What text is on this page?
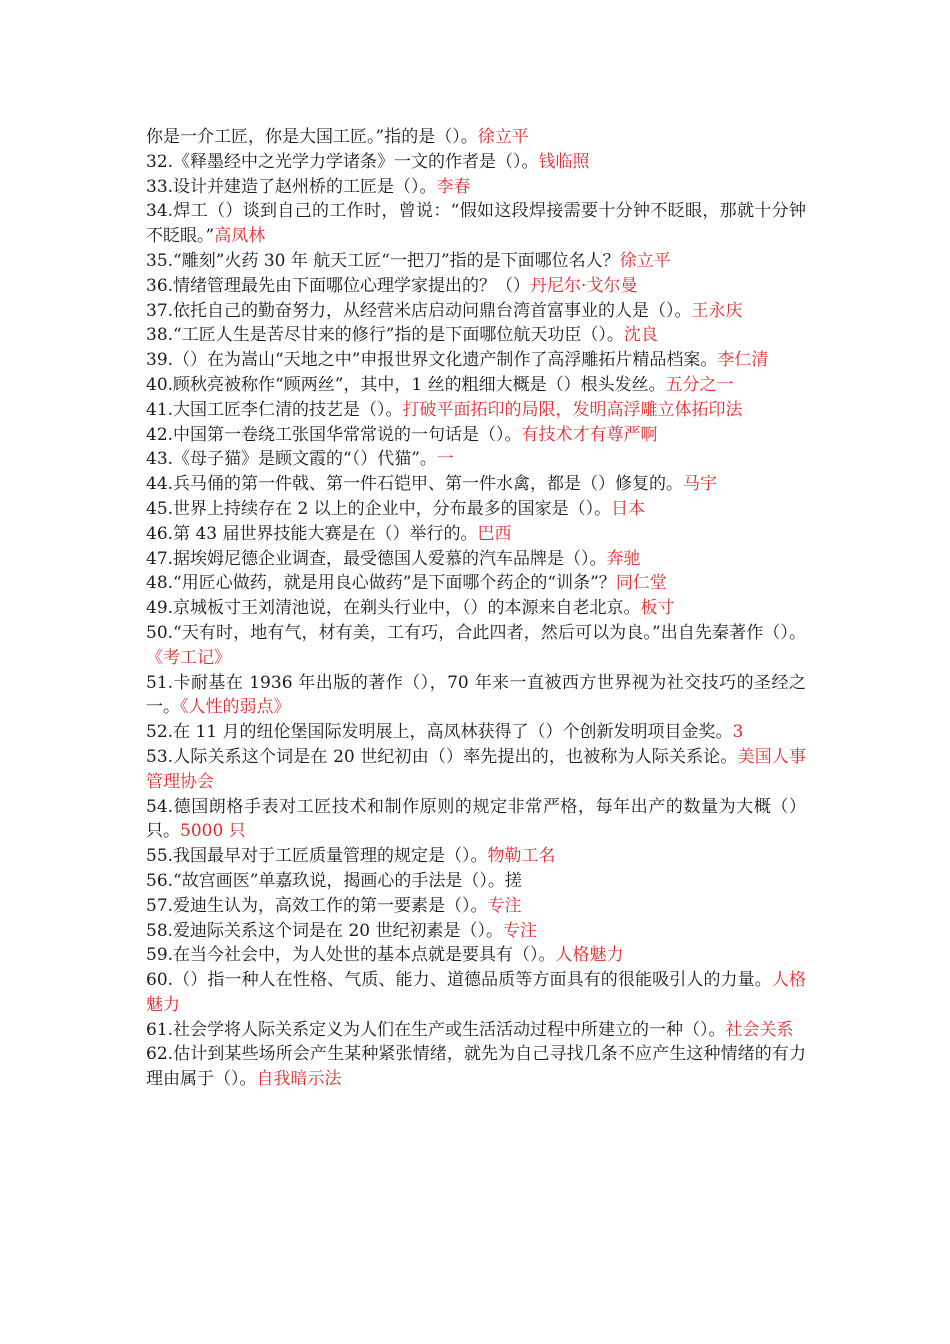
你是一介工匠，你是大国工匠。”指的是（）。徐立平

32.《释墨经中之光学力学诸条》一文的作者是（）。钱临照

33.设计并建造了赵州桥的工匠是（）。李春

34.焊工（）谈到自己的工作时，曾说：“假如这段焊接需要十分钟不眨眼，那就十分钟不眨眼。”高凤林

35.“雕刻”火药 30 年 航天工匠“一把刀”指的是下面哪位名人？徐立平

36.情绪管理最先由下面哪位心理学家提出的？（）丹尼尔·戈尔曼

37.依托自己的勤奋努力，从经营米店启动问鼎台湾首富事业的人是（）。王永庆

38.“工匠人生是苦尽甘来的修行”指的是下面哪位航天功臣（）。沈良

39.（）在为嵩山“天地之中”申报世界文化遗产制作了高浮雕拓片精品档案。李仁清

40.顾秋亮被称作“顾两丝”，其中，1 丝的粗细大概是（）根头发丝。五分之一

41.大国工匠李仁清的技艺是（）。打破平面拓印的局限，发明高浮雕立体拓印法

42.中国第一卷绕工张国华常常说的一句话是（）。有技术才有尊严啊

43.《母子猫》是顾文霞的“（）代猫”。一

44.兵马俑的第一件戟、第一件石铠甲、第一件水禽，都是（）修复的。马宇

45.世界上持续存在 2 以上的企业中，分布最多的国家是（）。日本

46.第 43 届世界技能大赛是在（）举行的。巴西

47.据埃姆尼德企业调查，最受德国人爱慕的汽车品牌是（）。奔驰

48.“用匠心做药，就是用良心做药”是下面哪个药企的“训条”？同仁堂

49.京城板寸王刘清池说，在剃头行业中，（）的本源来自老北京。板寸

50.“天有时，地有气，材有美，工有巧，合此四者，然后可以为良。”出自先秦著作（）。《考工记》

51.卡耐基在 1936 年出版的著作（），70 年来一直被西方世界视为社交技巧的圣经之一。《人性的弱点》

52.在 11 月的纽伦堡国际发明展上，高凤林获得了（）个创新发明项目金奖。3

53.人际关系这个词是在 20 世纪初由（）率先提出的，也被称为人际关系论。美国人事管理协会

54.德国朗格手表对工匠技术和制作原则的规定非常严格，每年出产的数量为大概（）只。5000 只

55.我国最早对于工匠质量管理的规定是（）。物勒工名

56.“故宫画医”单嘉玖说，揭画心的手法是（）。搓

57.爱迪生认为，高效工作的第一要素是（）。专注

58.爱迪际关系这个词是在 20 世纪初素是（）。专注

59.在当今社会中，为人处世的基本点就是要具有（）。人格魅力

60.（）指一种人在性格、气质、能力、道德品质等方面具有的很能吸引人的力量。人格魅力

61.社会学将人际关系定义为人们在生产或生活活动过程中所建立的一种（）。社会关系

62.估计到某些场所会产生某种紧张情绪，就先为自己寻找几条不应产生这种情绪的有力理由属于（）。自我暗示法
